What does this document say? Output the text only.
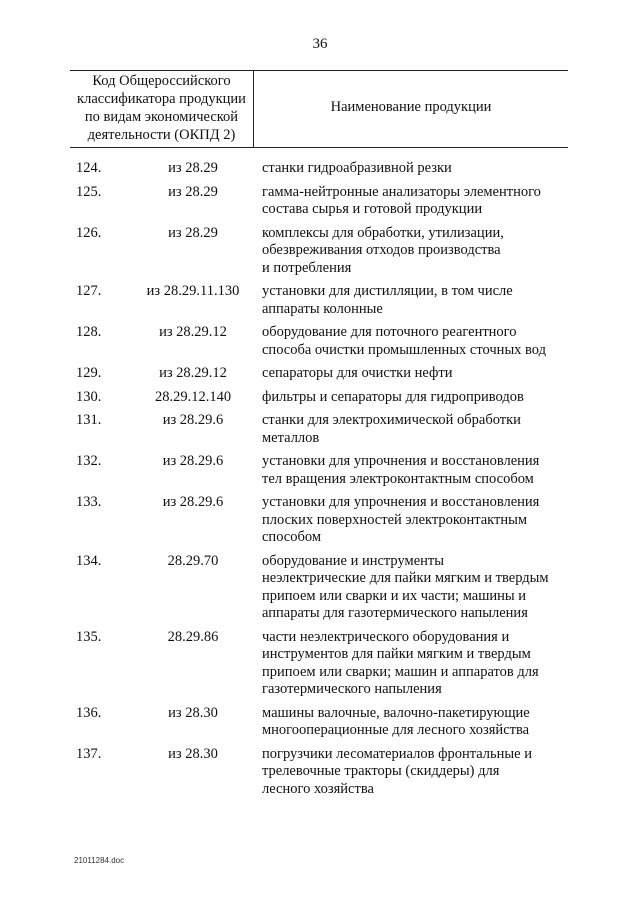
36
Код Общероссийского
классификатора продукции
по видам экономической
деятельности (ОКПД 2)
Наименование продукции
124.	из 28.29	станки гидроабразивной резки
125.	из 28.29	гамма-нейтронные анализаторы элементного
состава сырья и готовой продукции
126.	из 28.29	комплексы для обработки, утилизации,
обезвреживания отходов производства
и потребления
127.	из 28.29.11.130	установки для дистилляции, в том числе
аппараты колонные
128.	из 28.29.12	оборудование для поточного реагентного
способа очистки промышленных сточных вод
129.	из 28.29.12	сепараторы для очистки нефти
130.	28.29.12.140	фильтры и сепараторы для гидроприводов
131.	из 28.29.6	станки для электрохимической обработки
металлов
132.	из 28.29.6	установки для упрочнения и восстановления
тел вращения электроконтактным способом
133.	из 28.29.6	установки для упрочнения и восстановления
плоских поверхностей электроконтактным
способом
134.	28.29.70	оборудование и инструменты
неэлектрические для пайки мягким и твердым
припоем или сварки и их части; машины и
аппараты для газотермического напыления
135.	28.29.86	части неэлектрического оборудования и
инструментов для пайки мягким и твердым
припоем или сварки; машин и аппаратов для
газотермического напыления
136.	из 28.30	машины валочные, валочно-пакетирующие
многооперационные для лесного хозяйства
137.	из 28.30	погрузчики лесоматериалов фронтальные и
трелевочные тракторы (скиддеры) для
лесного хозяйства
21011284.doc
